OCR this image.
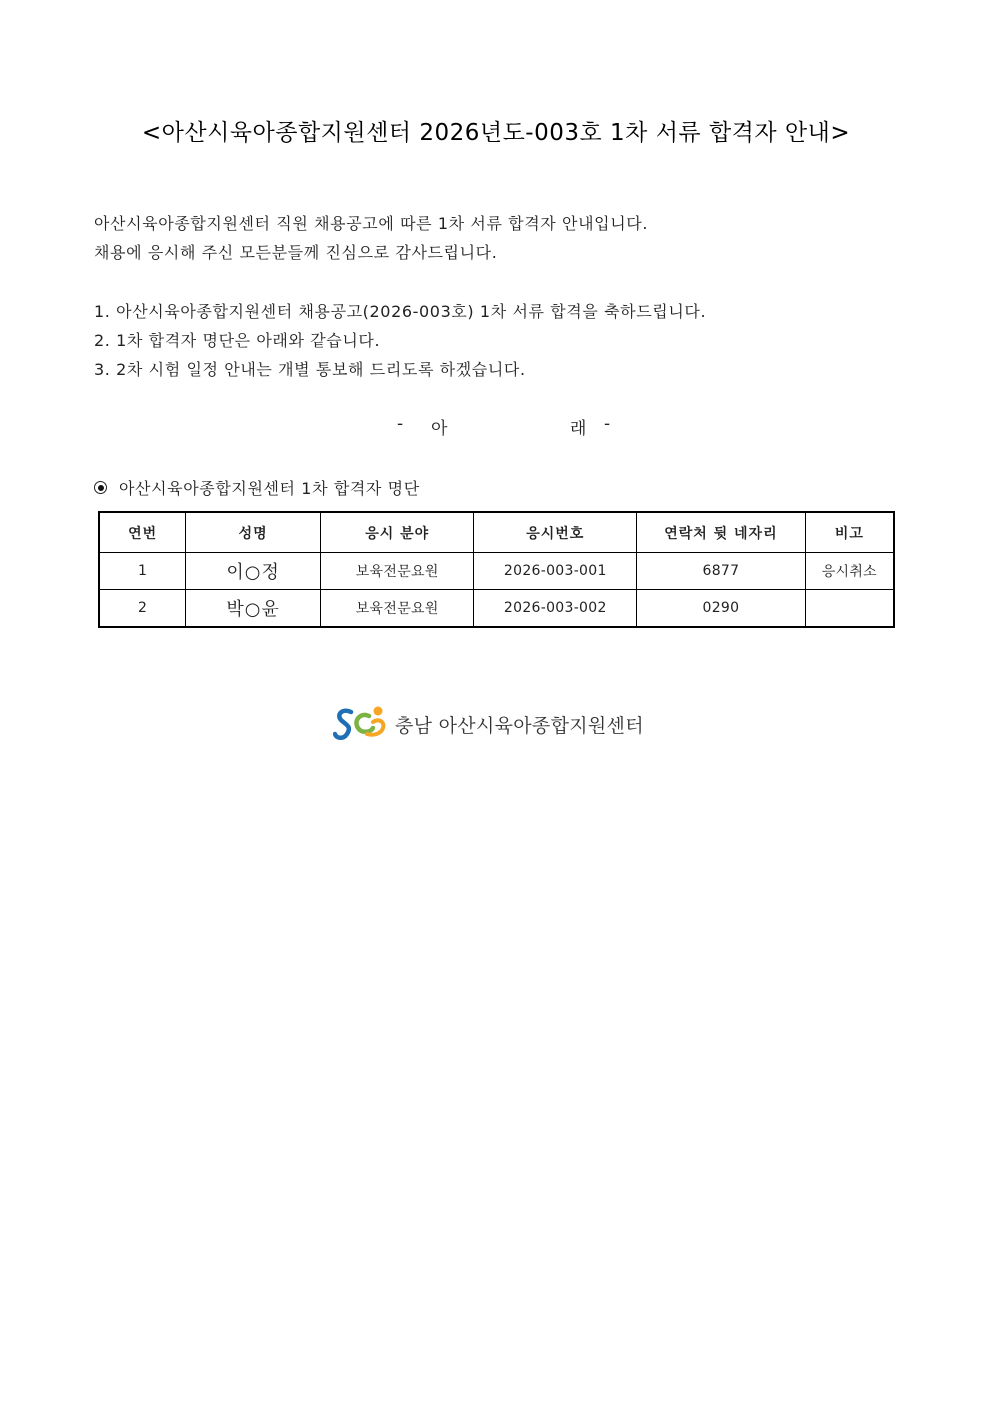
<아산시육아종합지원센터 2026년도-003호 1차 서류 합격자 안내>
아산시육아종합지원센터 직원 채용공고에 따른 1차 서류 합격자 안내입니다.
채용에 응시해 주신 모든분들께 진심으로 감사드립니다.
1. 아산시육아종합지원센터 채용공고(2026-003호) 1차 서류 합격을 축하드립니다.
2. 1차 합격자 명단은 아래와 같습니다.
3. 2차 시험 일정 안내는 개별 통보해 드리도록 하겠습니다.
- 아	래 -
아산시육아종합지원센터 1차 합격자 명단
연번	성명	응시 분야	응시번호	연락처 뒷 네자리	비고
1	이○정	보육전문요원	2026-003-001	6877	응시취소
2	박○윤	보육전문요원	2026-003-002	0290	
충남 아산시육아종합지원센터
